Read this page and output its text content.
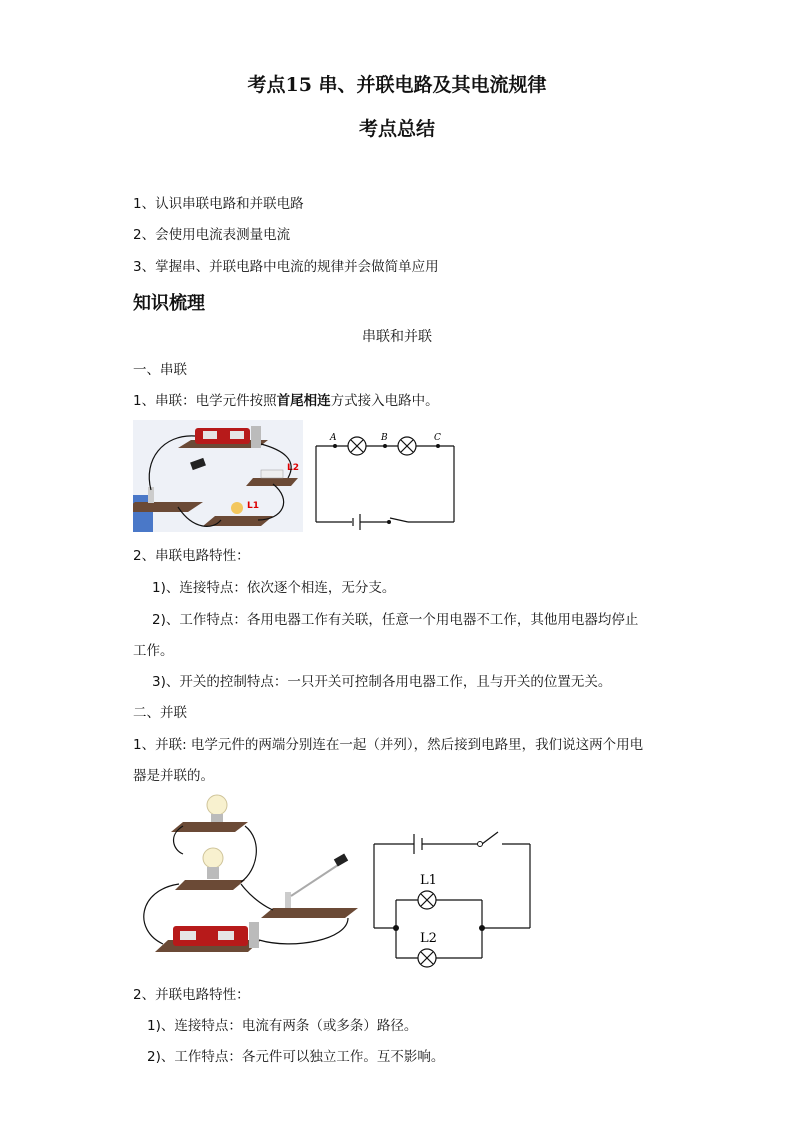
考点15 串、并联电路及其电流规律
考点总结
1、认识串联电路和并联电路
2、会使用电流表测量电流
3、掌握串、并联电路中电流的规律并会做简单应用
知识梳理
串联和并联
一、串联
1、串联：电学元件按照首尾相连方式接入电路中。
L2
L1
A	B	C
2、串联电路特性：
1)、连接特点：依次逐个相连，无分支。
2)、工作特点：各用电器工作有关联，任意一个用电器不工作，其他用电器均停止
工作。
3)、开关的控制特点：一只开关可控制各用电器工作，且与开关的位置无关。
二、并联
1、并联: 电学元件的两端分别连在一起（并列），然后接到电路里，我们说这两个用电
器是并联的。
L1
L2
2、并联电路特性：
1)、连接特点：电流有两条（或多条）路径。
2)、工作特点：各元件可以独立工作。互不影响。
